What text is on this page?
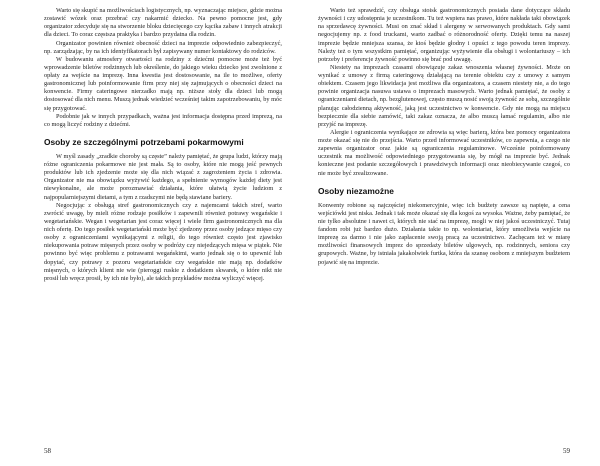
Warto się skupić na możliwościach logistycznych, np. wyznaczając miejsce, gdzie można zostawić wózek oraz przebrać czy nakarmić dziecko. Na pewno pomocne jest, gdy organizator zdecyduje się na stworzenie bloku dziecięcego czy kącika zabaw i innych atrakcji dla dzieci. To coraz częstsza praktyka i bardzo przydatna dla rodzin.

Organizator powinien również obecność dzieci na imprezie odpowiednio zabezpieczyć, np. zarządzając, by na ich identyfikatorach był zapisywany numer kontaktowy do rodziców.

W budowaniu atmosfery otwartości na rodziny z dziećmi pomocne może też być wprowadzenie biletów rodzinnych lub określenie, do jakiego wieku dziecko jest zwolnione z opłaty za wejście na imprezę. Inna kwestia jest dostosowanie, na ile to możliwe, oferty gastronomicznej lub poinformowanie firm przy niej się zajmujących o obecności dzieci na konwencie. Firmy cateringowe nierzadko mają np. niższe stoły dla dzieci lub mogą dostosować dla nich menu. Muszą jednak wiedzieć wcześniej takim zapotrzebowaniu, by móc się przygotować.

Podobnie jak w innych przypadkach, ważna jest informacja dostępna przed imprezą, na co mogą liczyć rodziny z dziećmi.

Osoby ze szczególnymi potrzebami pokarmowymi

W myśl zasady „zradkie choroby są częste” należy pamiętać, że grupa ludzi, którzy mają różne ograniczenia pokarmowe nie jest mała. Są to osoby, które nie mogą jeść pewnych produktów lub ich zjedzenie może się dla nich wiązać z zagrożeniem życia i zdrowia. Organizator nie ma obowiązku wyżywić każdego, a spełnienie wymogów każdej diety jest niewykonalne, ale może porozmawiać działania, które ułatwią życie ludziom z najpopularniejszymi dietami, a tym z rzadszymi nie będą stawiane bariery.

Negocjując z obsługą stref gastronomicznych czy z najemcami takich stref, warto zwrócić uwagę, by mieli różne rodzaje posiłków i zapewnili również potrawy wegańskie i wegetariańskie. Wegan i wegetarian jest coraz więcej i wiele firm gastronomicznych ma dla nich ofertę. Do tego posiłek wegetariański może być zjedzony przez osoby jedzące mięso czy osoby z ograniczeniami wynikającymi z religii, do tego również często jest zjawisko niekupowania potraw mięsnych przez osoby w podróży czy niejedzących mięsa w piątek. Nie powinno być więc problemu z potrawami wegańskimi, warto jednak się o to upewnić lub dopytać, czy potrawy z pozoru wegetariańskie czy wegańskie nie mają np. dodatków mięsnych, o których klient nie wie (pieroggi ruskie z dodatkiem skwarek, o które nikt nie prosił lub wręcz prosił, by ich nie było), ale takich przykładów można wyliczyć więcej.

58

Warto też sprawdzić, czy obsługa stoisk gastronomicznych posiada dane dotyczące składu żywności i czy udostępnia je uczestnikom. Tu też wspiera nas prawo, które nakłada taki obowiązek na sprzedawcę żywności. Musi on znać skład i alergeny w serwowanych produktach. Gdy sami negocjujemy np. z food truckami, warto zadbać o różnorodność oferty. Dzięki temu na naszej imprezie będzie mniejsza szansa, że ktoś będzie głodny i opuści z tego powodu teren imprezy. Należy też o tym wszystkim pamiętać, organizując wyżywienie dla obsługi i wolontariuszy – ich potrzeby i preferencje żywność powinno się brać pod uwagę.

Niestety na imprezach czasami obowiązuje zakaz wnoszenia własnej żywności. Może on wynikać z umowy z firmą cateringową działającą na terenie obiektu czy z umowy z samym obiektem. Czasem jego likwidacja jest możliwa dla organizatora, a czasem niestety nie, a do tego powinie organizacja nasuwa ustawa o imprezach masowych. Warto jednak pamiętać, że osoby z ograniczeniami dietach, np. bezglutenowej, często muszą nosić swoją żywność ze sobą, szczególnie planując całodzienną aktywność, jaką jest uczestnictwo w konwencie. Gdy nie mogą na miejscu bezpiecznie dla siebie zamówić, taki zakaz oznacza, że albo muszą łamać regulamin, albo nie przyjść na imprezę.

Alergie i ograniczenia wynikające ze zdrowia są więc barierą, która bez pomocy organizatora może okazać się nie do przejścia. Warto przed informować uczestników, co zapewnia, a czego nie zapewnia organizator oraz jakie są ograniczenia regulaminowe. Wcześnie poinformowany uczestnik ma możliwość odpowiedniego przygotowania się, by mógł na imprezie być. Jednak konieczne jest podanie szczegółowych i prawdziwych informacji oraz nieobiecywanie czegoś, co nie może być zrealizowane.

Osoby niezamożne

Konwenty robione są najczęściej niekomercyjnie, więc ich budżety zawsze są napięte, a cena wejściówki jest niska. Jednak i tak może okazać się dla kogoś za wysoka. Ważne, żeby pamiętać, że nie tylko absolutne i nawet ci, których nie stać na imprezę, mogli w niej jakoś uczestniczyć. Tutaj fandom robi już bardzo dużo. Działania takie to np. wolontariat, który umożliwia wejście na imprezę za darmo i nie jako zapłacenie swoją pracą za uczestnictwo. Zachęcam też w miarę możliwości finansowych imprez do sprzedaży biletów ulgowych, np. rodzinnych, seniora czy grupowych. Ważne, by istniała jakakolwiek furtka, która da szansę osobom z mniejszym budżetem pojawić się na imprezie.

59
